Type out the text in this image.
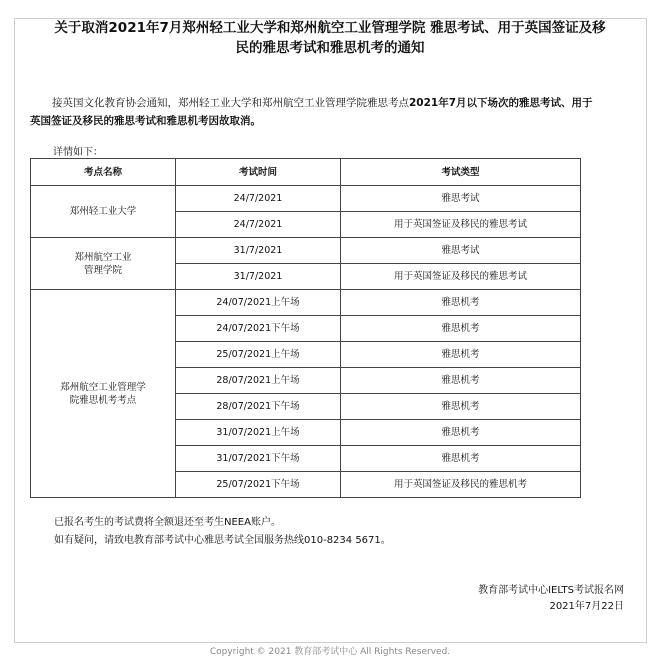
关于取消2021年7月郑州轻工业大学和郑州航空工业管理学院 雅思考试、用于英国签证及移
民的雅思考试和雅思机考的通知
接英国文化教育协会通知，郑州轻工业大学和郑州航空工业管理学院雅思考点2021年7月以下场次的雅思考试、用于
英国签证及移民的雅思考试和雅思机考因故取消。
详情如下：
考点名称	考试时间	考试类型
郑州轻工业大学	24/7/2021	雅思考试
	24/7/2021	用于英国签证及移民的雅思考试
郑州航空工业
管理学院	31/7/2021	雅思考试
	31/7/2021	用于英国签证及移民的雅思考试
郑州航空工业管理学
院雅思机考考点	24/07/2021上午场	雅思机考
	24/07/2021下午场	雅思机考
	25/07/2021上午场	雅思机考
	28/07/2021上午场	雅思机考
	28/07/2021下午场	雅思机考
	31/07/2021上午场	雅思机考
	31/07/2021下午场	雅思机考
	25/07/2021下午场	用于英国签证及移民的雅思机考
已报名考生的考试费将全额退还至考生NEEA账户。
如有疑问，请致电教育部考试中心雅思考试全国服务热线010-8234 5671。
教育部考试中心IELTS考试报名网
2021年7月22日
Copyright © 2021 教育部考试中心 All Rights Reserved.
